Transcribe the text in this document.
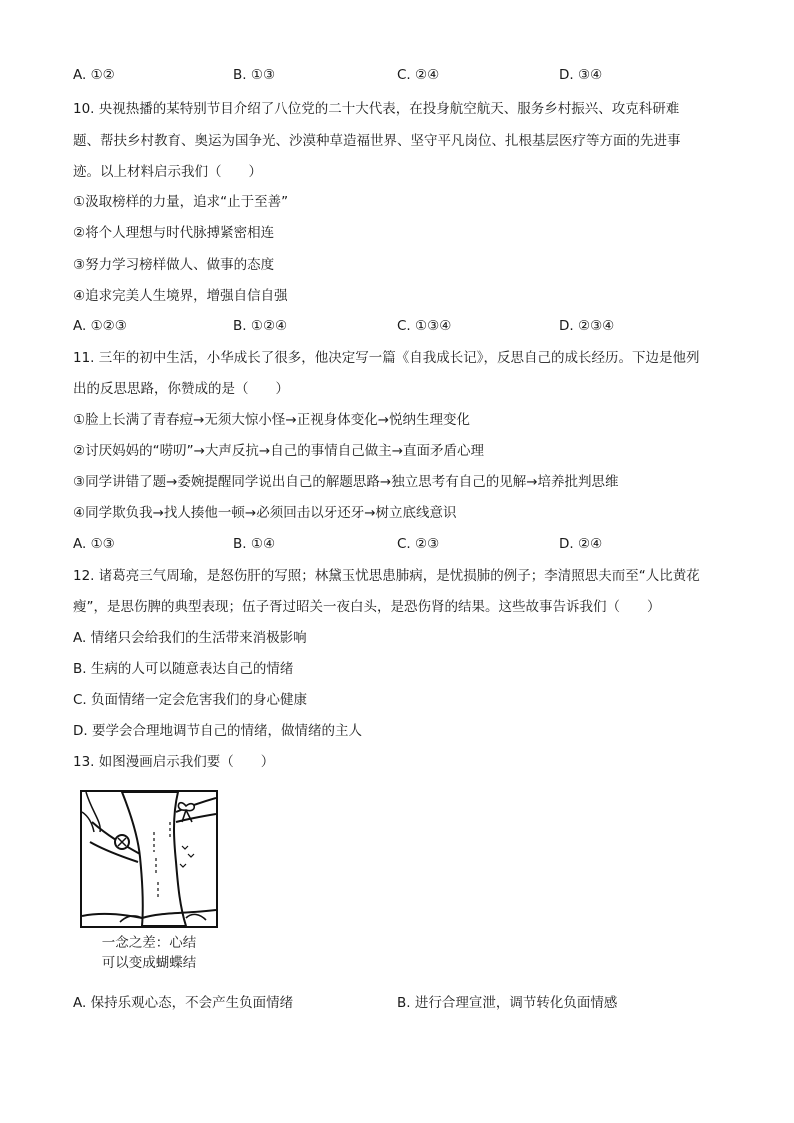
A. ①②	B. ①③	C. ②④	D. ③④
10. 央视热播的某特别节目介绍了八位党的二十大代表，在投身航空航天、服务乡村振兴、攻克科研难
题、帮扶乡村教育、奥运为国争光、沙漠种草造福世界、坚守平凡岗位、扎根基层医疗等方面的先进事
迹。以上材料启示我们（　　）
①汲取榜样的力量，追求“止于至善”
②将个人理想与时代脉搏紧密相连
③努力学习榜样做人、做事的态度
④追求完美人生境界，增强自信自强
A. ①②③	B. ①②④	C. ①③④	D. ②③④
11. 三年的初中生活，小华成长了很多，他决定写一篇《自我成长记》，反思自己的成长经历。下边是他列
出的反思思路，你赞成的是（　　）
①脸上长满了青春痘→无须大惊小怪→正视身体变化→悦纳生理变化
②讨厌妈妈的“唠叨”→大声反抗→自己的事情自己做主→直面矛盾心理
③同学讲错了题→委婉提醒同学说出自己的解题思路→独立思考有自己的见解→培养批判思维
④同学欺负我→找人揍他一顿→必须回击以牙还牙→树立底线意识
A. ①③	B. ①④	C. ②③	D. ②④
12. 诸葛亮三气周瑜，是怒伤肝的写照；林黛玉忧思患肺病，是忧损肺的例子；李清照思夫而至“人比黄花
瘦”，是思伤脾的典型表现；伍子胥过昭关一夜白头，是恐伤肾的结果。这些故事告诉我们（　　）
A. 情绪只会给我们的生活带来消极影响
B. 生病的人可以随意表达自己的情绪
C. 负面情绪一定会危害我们的身心健康
D. 要学会合理地调节自己的情绪，做情绪的主人
13. 如图漫画启示我们要（　　）
一念之差：心结
可以变成蝴蝶结
A. 保持乐观心态，不会产生负面情绪	B. 进行合理宣泄，调节转化负面情感
